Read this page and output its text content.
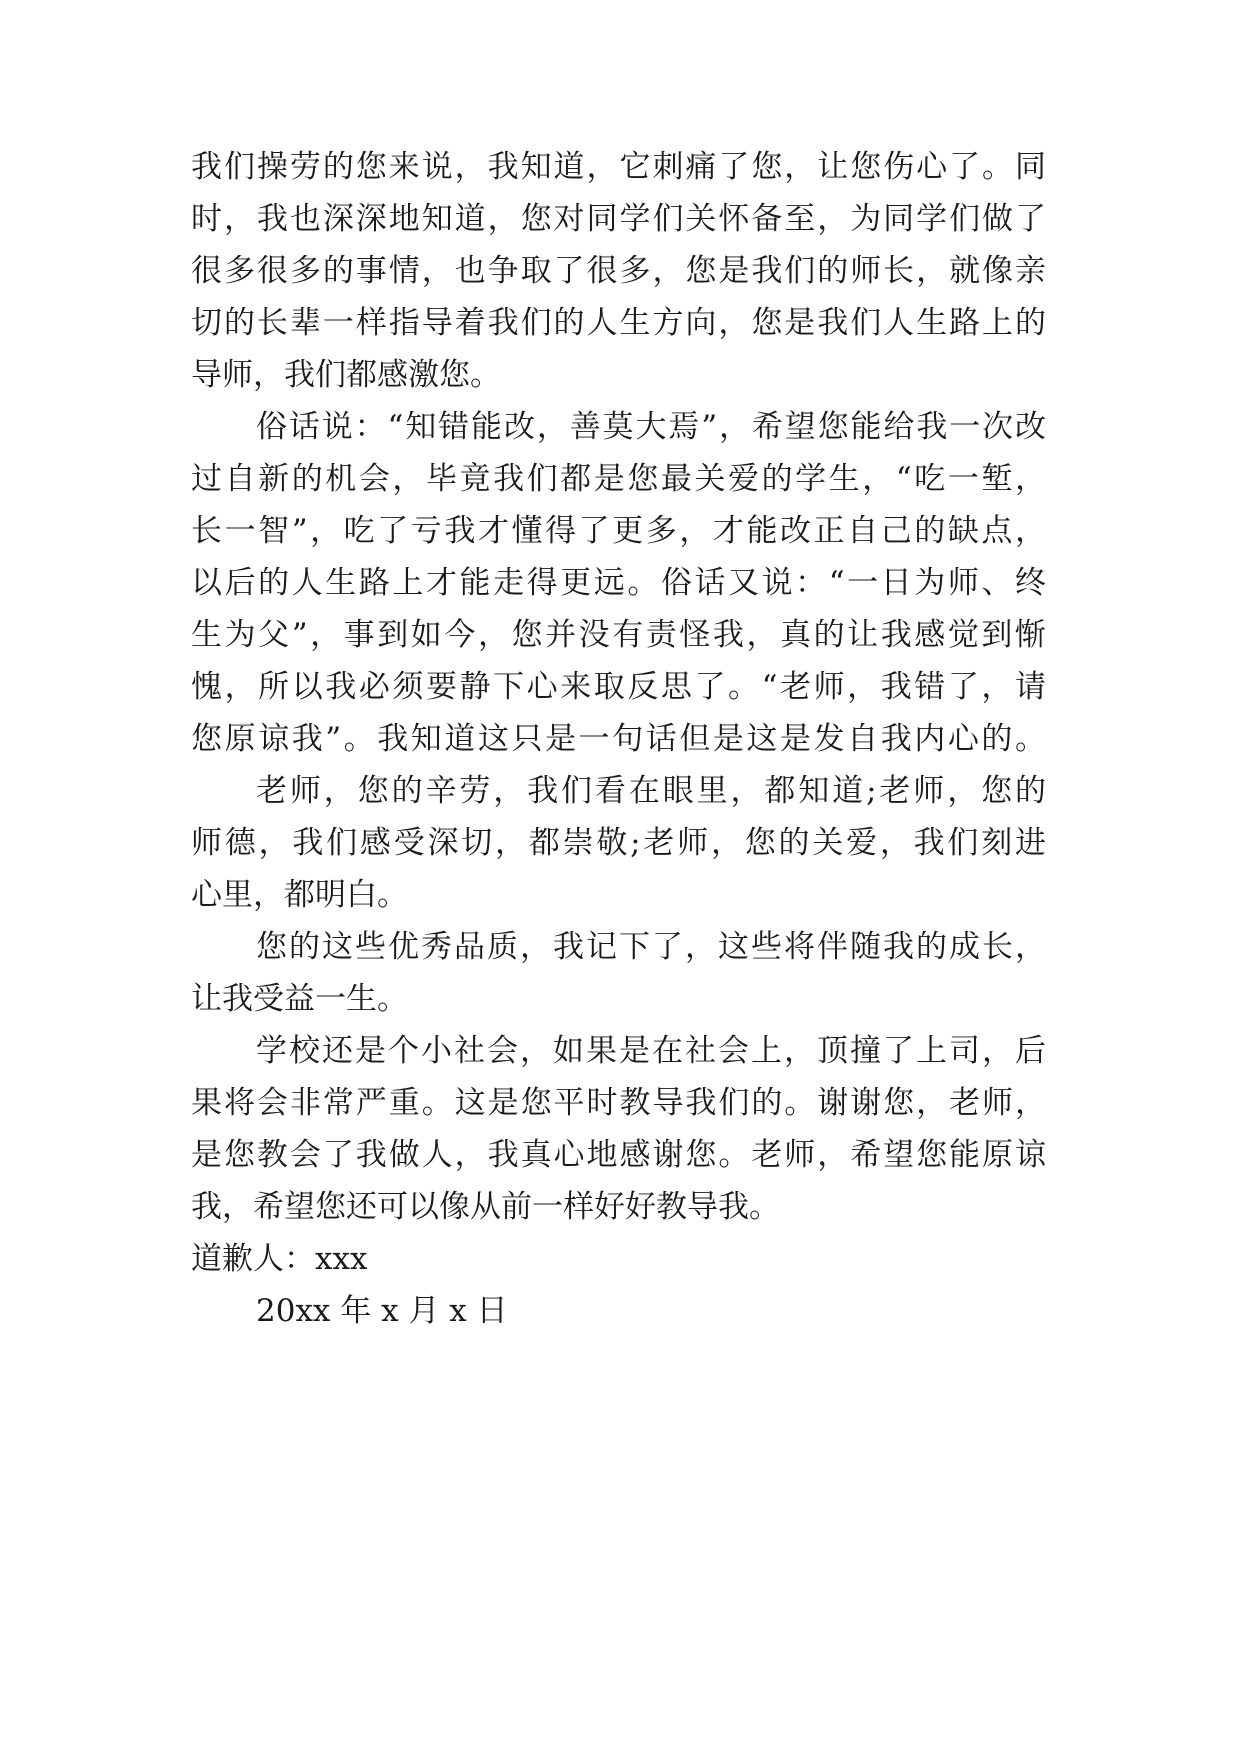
我们操劳的您来说，我知道，它刺痛了您，让您伤心了。同
时，我也深深地知道，您对同学们关怀备至，为同学们做了
很多很多的事情，也争取了很多，您是我们的师长，就像亲
切的长辈一样指导着我们的人生方向，您是我们人生路上的
导师，我们都感激您。
俗话说：“知错能改，善莫大焉”，希望您能给我一次改
过自新的机会，毕竟我们都是您最关爱的学生，“吃一堑，
长一智”，吃了亏我才懂得了更多，才能改正自己的缺点，
以后的人生路上才能走得更远。俗话又说：“一日为师、终
生为父”，事到如今，您并没有责怪我，真的让我感觉到惭
愧，所以我必须要静下心来取反思了。“老师，我错了，请
您原谅我”。我知道这只是一句话但是这是发自我内心的。
老师，您的辛劳，我们看在眼里，都知道;老师，您的
师德，我们感受深切，都崇敬;老师，您的关爱，我们刻进
心里，都明白。
您的这些优秀品质，我记下了，这些将伴随我的成长，
让我受益一生。
学校还是个小社会，如果是在社会上，顶撞了上司，后
果将会非常严重。这是您平时教导我们的。谢谢您，老师，
是您教会了我做人，我真心地感谢您。老师，希望您能原谅
我，希望您还可以像从前一样好好教导我。
道歉人：xxx
20xx 年 x 月 x 日
